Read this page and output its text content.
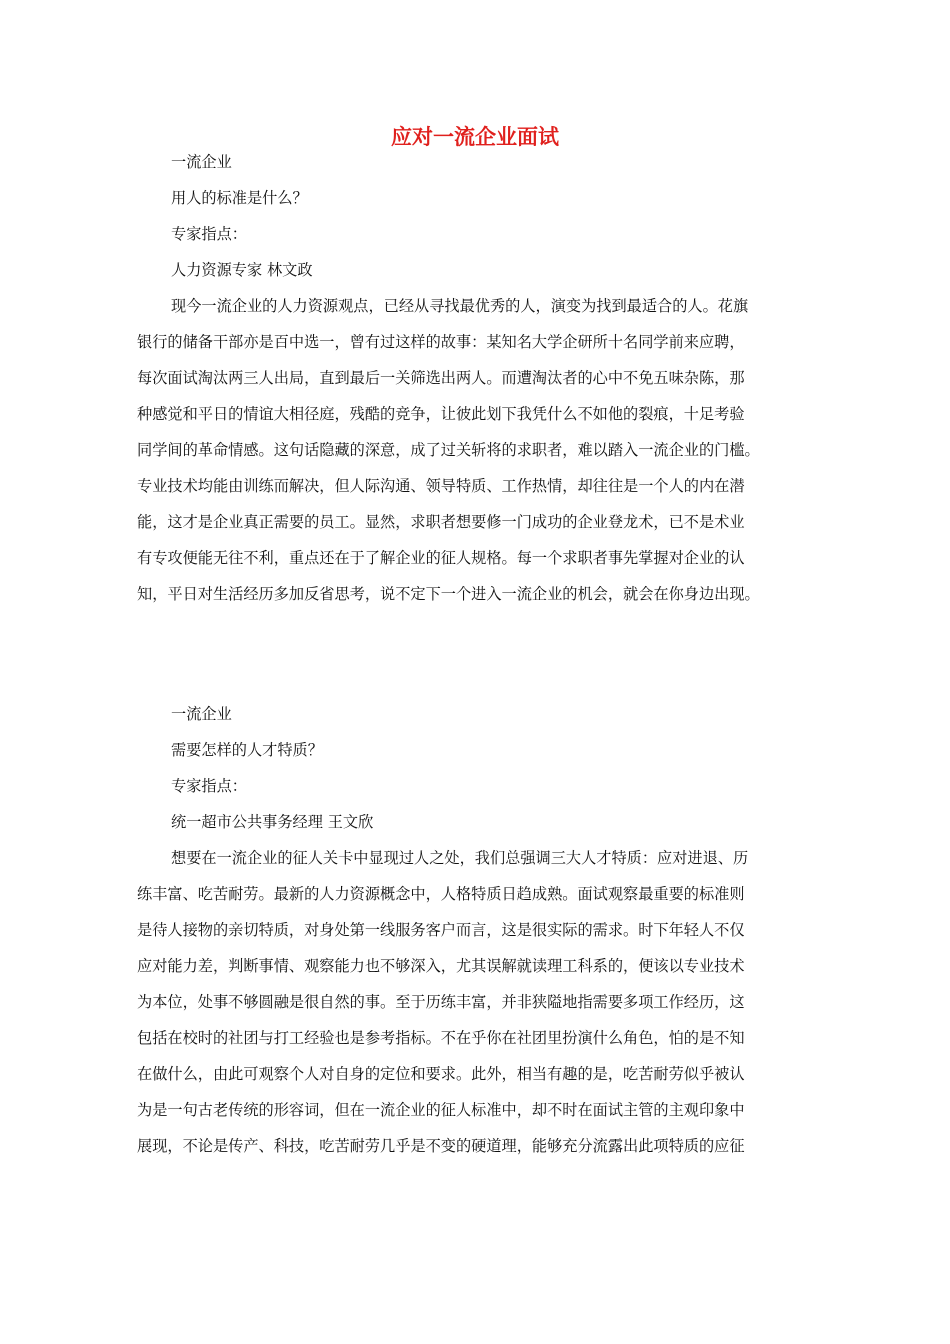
应对一流企业面试

一流企业

用人的标准是什么？

专家指点：

人力资源专家 林文政

现今一流企业的人力资源观点，已经从寻找最优秀的人，演变为找到最适合的人。花旗

银行的储备干部亦是百中选一，曾有过这样的故事：某知名大学企研所十名同学前来应聘，

每次面试淘汰两三人出局，直到最后一关筛选出两人。而遭淘汰者的心中不免五味杂陈，那

种感觉和平日的情谊大相径庭，残酷的竞争，让彼此划下我凭什么不如他的裂痕，十足考验

同学间的革命情感。这句话隐藏的深意，成了过关斩将的求职者，难以踏入一流企业的门槛。

专业技术均能由训练而解决，但人际沟通、领导特质、工作热情，却往往是一个人的内在潜

能，这才是企业真正需要的员工。显然，求职者想要修一门成功的企业登龙术，已不是术业

有专攻便能无往不利，重点还在于了解企业的征人规格。每一个求职者事先掌握对企业的认

知，平日对生活经历多加反省思考，说不定下一个进入一流企业的机会，就会在你身边出现。

一流企业

需要怎样的人才特质？

专家指点：

统一超市公共事务经理 王文欣

想要在一流企业的征人关卡中显现过人之处，我们总强调三大人才特质：应对进退、历

练丰富、吃苦耐劳。最新的人力资源概念中，人格特质日趋成熟。面试观察最重要的标准则

是待人接物的亲切特质，对身处第一线服务客户而言，这是很实际的需求。时下年轻人不仅

应对能力差，判断事情、观察能力也不够深入，尤其误解就读理工科系的，便该以专业技术

为本位，处事不够圆融是很自然的事。至于历练丰富，并非狭隘地指需要多项工作经历，这

包括在校时的社团与打工经验也是参考指标。不在乎你在社团里扮演什么角色，怕的是不知

在做什么，由此可观察个人对自身的定位和要求。此外，相当有趣的是，吃苦耐劳似乎被认

为是一句古老传统的形容词，但在一流企业的征人标准中，却不时在面试主管的主观印象中

展现，不论是传产、科技，吃苦耐劳几乎是不变的硬道理，能够充分流露出此项特质的应征
